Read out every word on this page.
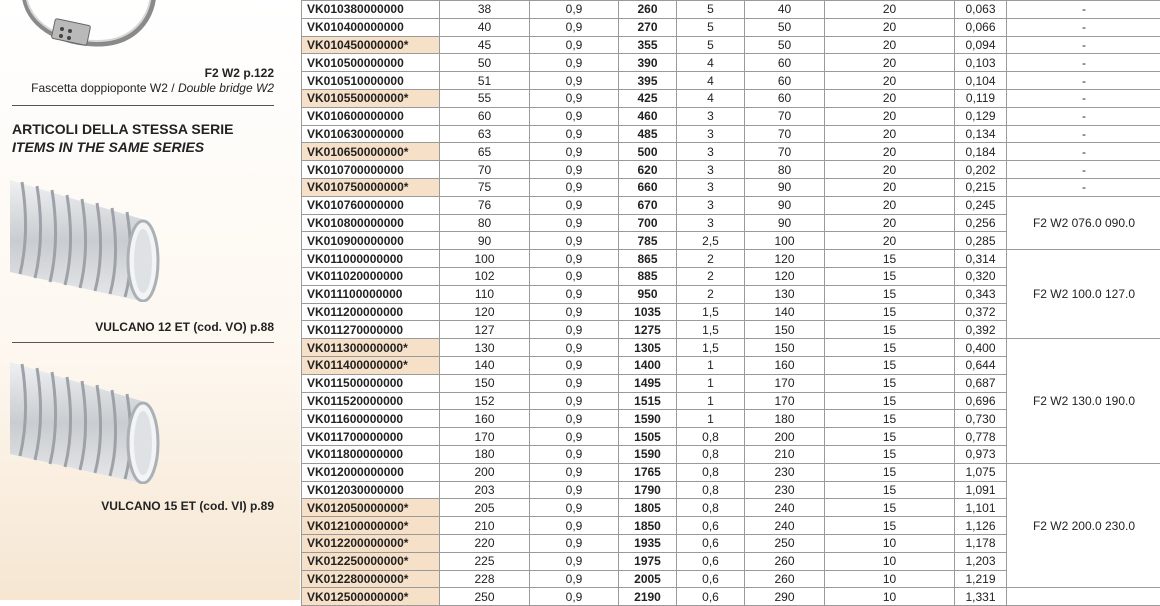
F2 W2 p.122
Fascetta doppioponte W2 / Double bridge W2
ARTICOLI DELLA STESSA SERIE
ITEMS IN THE SAME SERIES
VULCANO 12 ET (cod. VO) p.88
VULCANO 15 ET (cod. VI) p.89
VK010380000000	38	0,9	260	5	40	20	0,063	-
VK010400000000	40	0,9	270	5	50	20	0,066	-
VK010450000000*	45	0,9	355	5	50	20	0,094	-
VK010500000000	50	0,9	390	4	60	20	0,103	-
VK010510000000	51	0,9	395	4	60	20	0,104	-
VK010550000000*	55	0,9	425	4	60	20	0,119	-
VK010600000000	60	0,9	460	3	70	20	0,129	-
VK010630000000	63	0,9	485	3	70	20	0,134	-
VK010650000000*	65	0,9	500	3	70	20	0,184	-
VK010700000000	70	0,9	620	3	80	20	0,202	-
VK010750000000*	75	0,9	660	3	90	20	0,215	-
VK010760000000	76	0,9	670	3	90	20	0,245	F2 W2 076.0 090.0
VK010800000000	80	0,9	700	3	90	20	0,256	
VK010900000000	90	0,9	785	2,5	100	20	0,285	
VK011000000000	100	0,9	865	2	120	15	0,314	F2 W2 100.0 127.0
VK011020000000	102	0,9	885	2	120	15	0,320	
VK011100000000	110	0,9	950	2	130	15	0,343	
VK011200000000	120	0,9	1035	1,5	140	15	0,372	
VK011270000000	127	0,9	1275	1,5	150	15	0,392	
VK011300000000*	130	0,9	1305	1,5	150	15	0,400	F2 W2 130.0 190.0
VK011400000000*	140	0,9	1400	1	160	15	0,644	
VK011500000000	150	0,9	1495	1	170	15	0,687	
VK011520000000	152	0,9	1515	1	170	15	0,696	
VK011600000000	160	0,9	1590	1	180	15	0,730	
VK011700000000	170	0,9	1505	0,8	200	15	0,778	
VK011800000000	180	0,9	1590	0,8	210	15	0,973	
VK012000000000	200	0,9	1765	0,8	230	15	1,075	F2 W2 200.0 230.0
VK012030000000	203	0,9	1790	0,8	230	15	1,091	
VK012050000000*	205	0,9	1805	0,8	240	15	1,101	
VK012100000000*	210	0,9	1850	0,6	240	15	1,126	
VK012200000000*	220	0,9	1935	0,6	250	10	1,178	
VK012250000000*	225	0,9	1975	0,6	260	10	1,203	
VK012280000000*	228	0,9	2005	0,6	260	10	1,219	
VK012500000000*	250	0,9	2190	0,6	290	10	1,331	
